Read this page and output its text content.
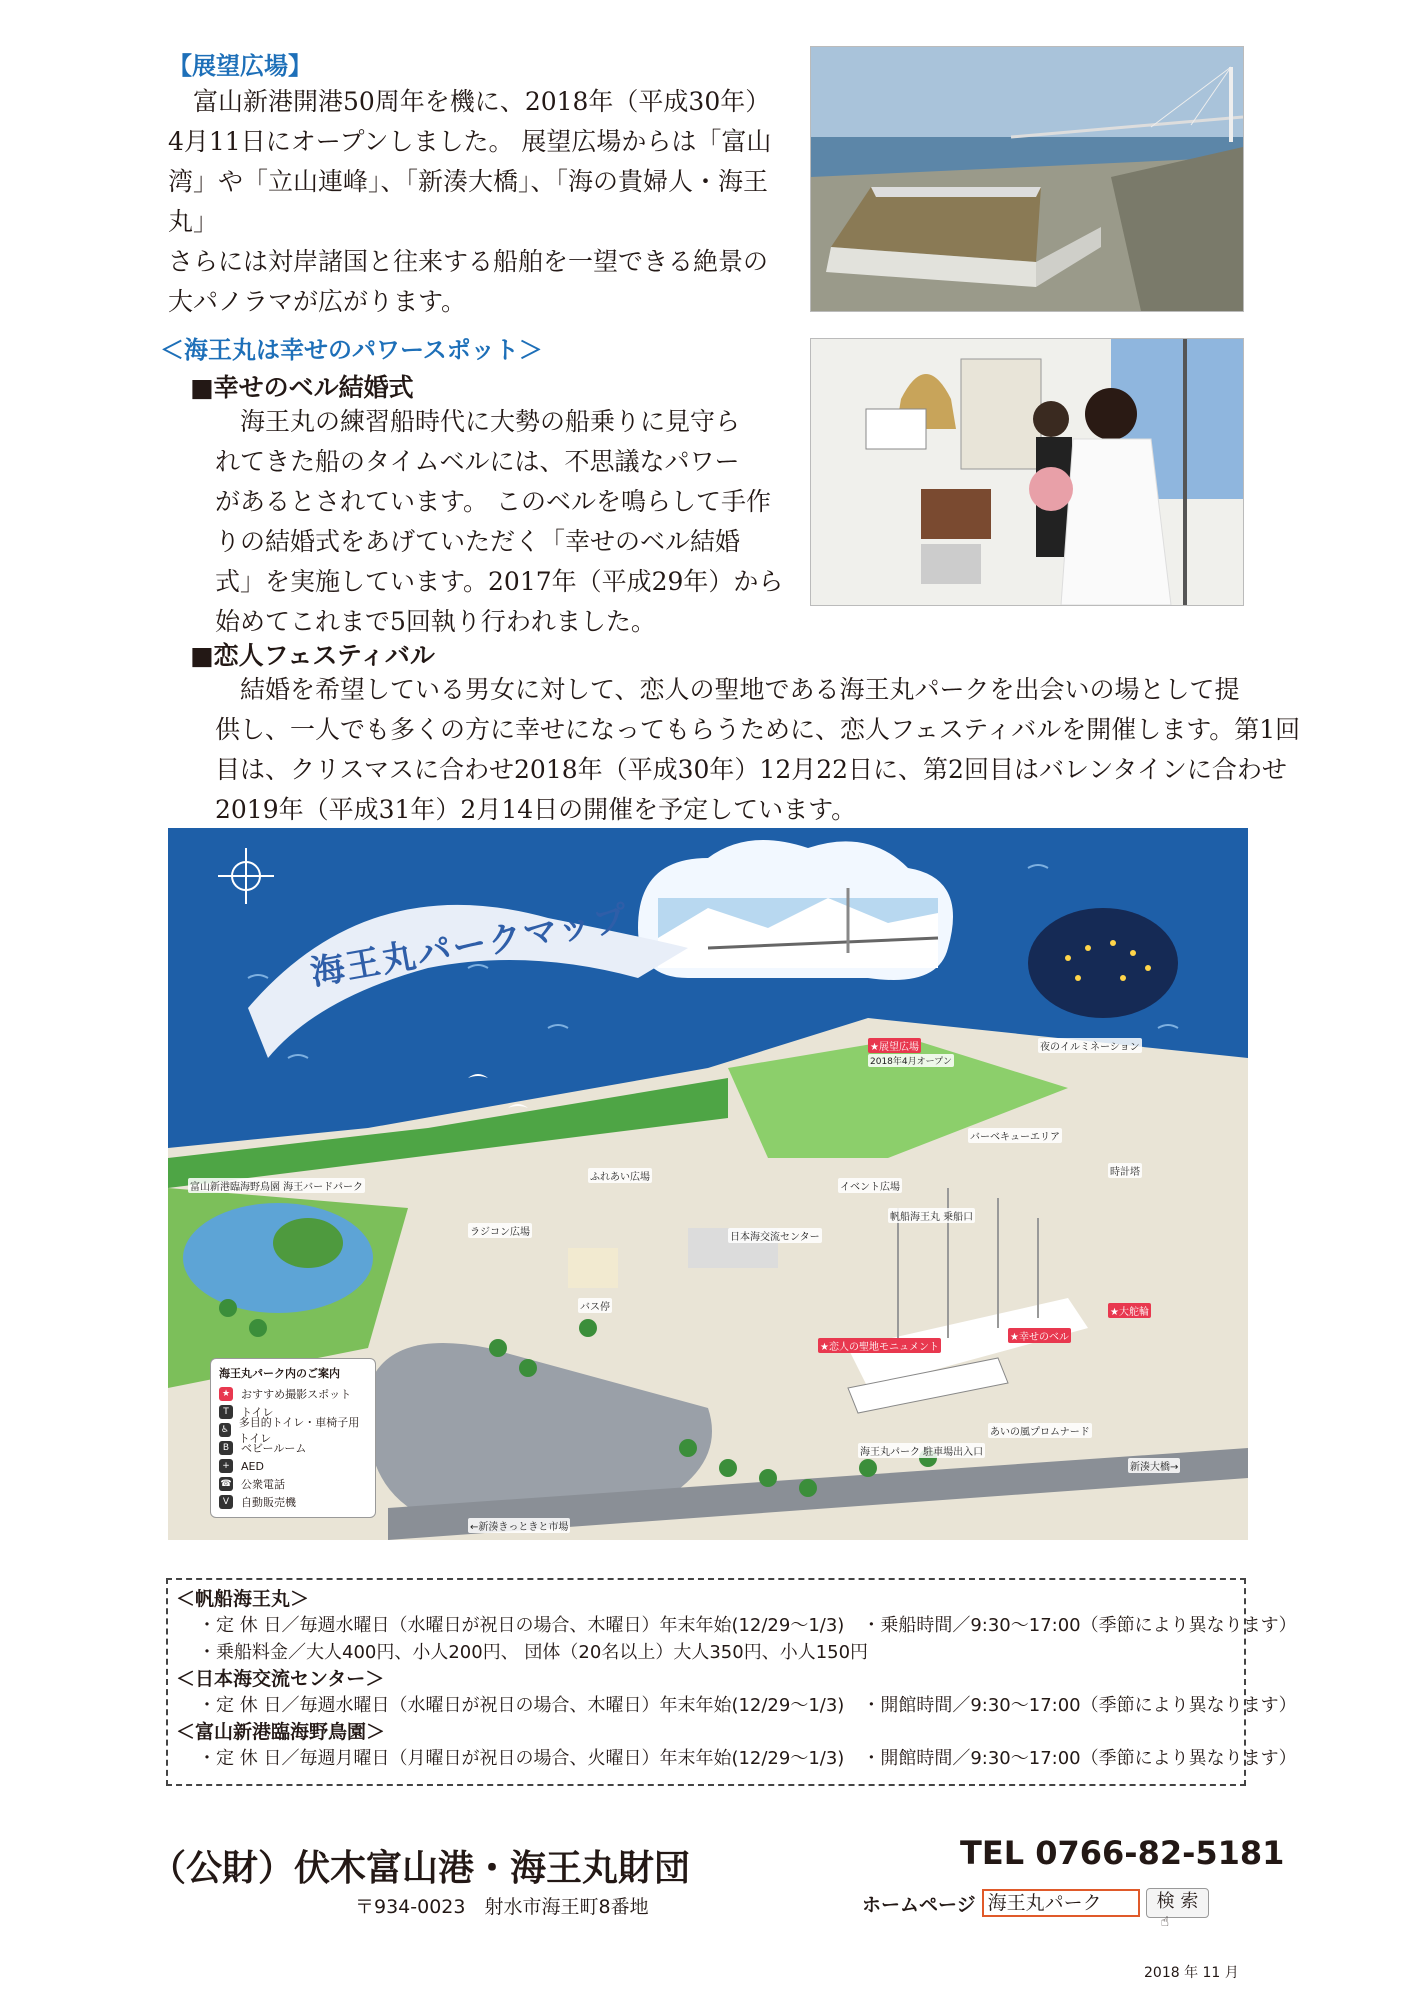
【展望広場】

富山新港開港50周年を機に、2018年（平成30年）

4月11日にオープンしました。 展望広場からは「富山

湾」や「立山連峰」、「新湊大橋」、「海の貴婦人・海王丸」

さらには対岸諸国と往来する船舶を一望できる絶景の

大パノラマが広がります。

＜海王丸は幸せのパワースポット＞
■幸せのベル結婚式

海王丸の練習船時代に大勢の船乗りに見守ら

れてきた船のタイムベルには、不思議なパワー

があるとされています。 このベルを鳴らして手作

りの結婚式をあげていただく「幸せのベル結婚

式」を実施しています。2017年（平成29年）から

始めてこれまで5回執り行われました。

■恋人フェスティバル

結婚を希望している男女に対して、恋人の聖地である海王丸パークを出会いの場として提

供し、一人でも多くの方に幸せになってもらうために、恋人フェスティバルを開催します。第1回

目は、クリスマスに合わせ2018年（平成30年）12月22日に、第2回目はバレンタインに合わせ

2019年（平成31年）2月14日の開催を予定しています。

海王丸パークマップ
★展望広場
2018年4月オープン
夜のイルミネーション
富山新港臨海野鳥園 海王バードパーク
ラジコン広場
ふれあい広場
バス停
日本海交流センター
帆船海王丸 乗船口
イベント広場
バーベキューエリア
時計塔
★幸せのベル
★大舵輪
★恋人の聖地モニュメント
あいの風プロムナード
海王丸パーク 駐車場出入口
←新湊きっときと市場
新湊大橋→
海王丸パーク内のご案内
★ おすすめ撮影スポット
T	トイレ
♿
多目的トイレ・車椅子用トイレ
B	ベビールーム
+ AED
☎ 公衆電話
V	自動販売機

＜帆船海王丸＞

・定 休 日／毎週水曜日（水曜日が祝日の場合、木曜日）年末年始(12/29〜1/3)　・乗船時間／9:30〜17:00（季節により異なります）

・乗船料金／大人400円、小人200円、 団体（20名以上）大人350円、小人150円

＜日本海交流センター＞

・定 休 日／毎週水曜日（水曜日が祝日の場合、木曜日）年末年始(12/29〜1/3)　・開館時間／9:30〜17:00（季節により異なります）

＜富山新港臨海野鳥園＞

・定 休 日／毎週月曜日（月曜日が祝日の場合、火曜日）年末年始(12/29〜1/3)　・開館時間／9:30〜17:00（季節により異なります）

（公財）伏木富山港・海王丸財団
〒934-0023　射水市海王町8番地
TEL 0766-82-5181
ホームページ 海王丸パーク	検 索
☝
2018 年 11 月
